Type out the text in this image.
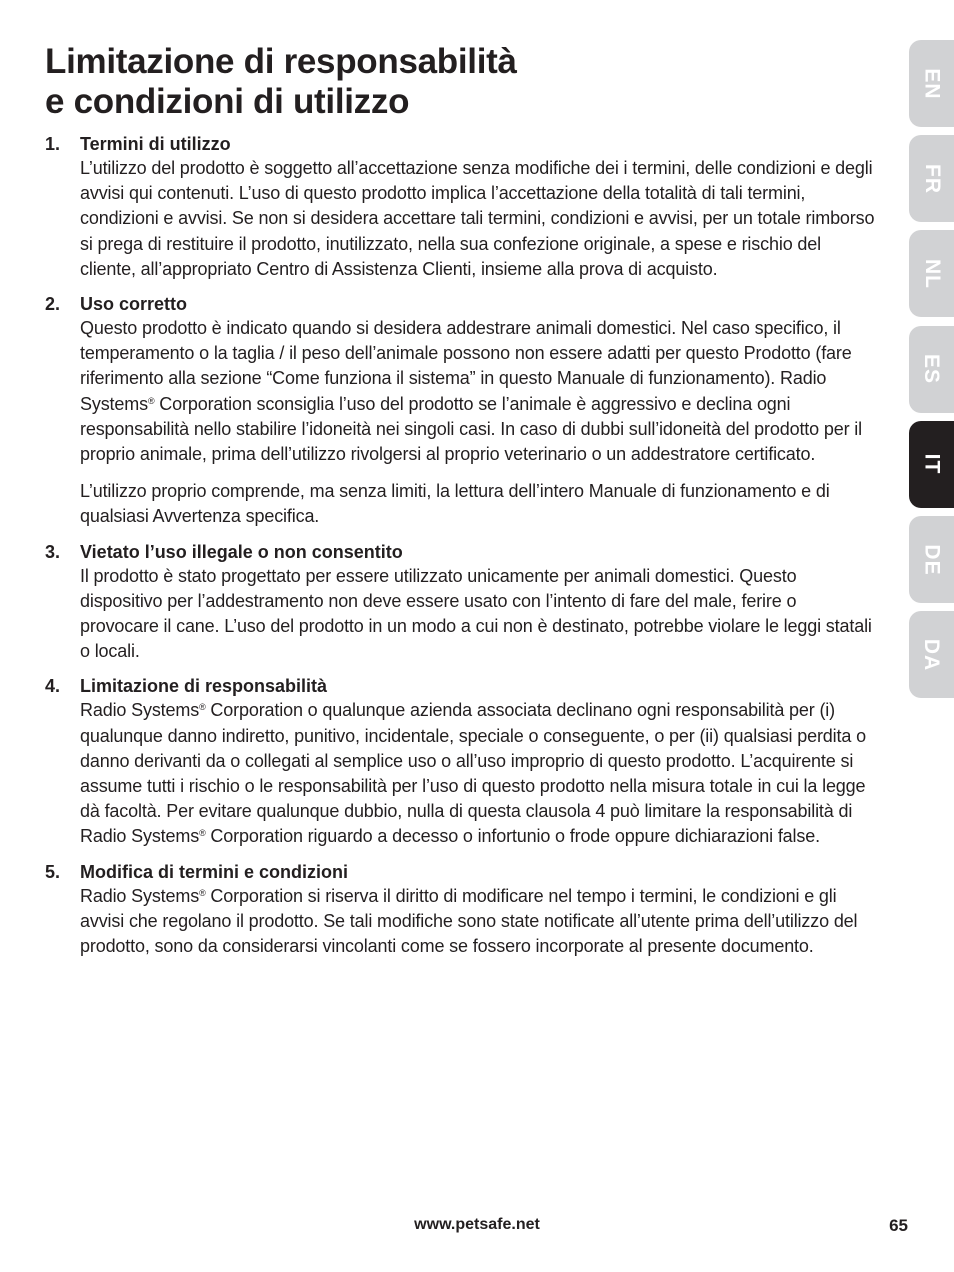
Limitazione di responsabilità
e condizioni di utilizzo
1.	Termini di utilizzo

L’utilizzo del prodotto è soggetto all’accettazione senza modifiche dei i termini, delle condizioni e degli avvisi qui contenuti. L’uso di questo prodotto implica l’accettazione della totalità di tali termini, condizioni e avvisi. Se non si desidera accettare tali termini, condizioni e avvisi, per un totale rimborso si prega di restituire il prodotto, inutilizzato, nella sua confezione originale, a spese e rischio del cliente, all’appropriato Centro di Assistenza Clienti, insieme alla prova di acquisto.

2.	Uso corretto

Questo prodotto è indicato quando si desidera addestrare animali domestici. Nel caso specifico, il temperamento o la taglia / il peso dell’animale possono non essere adatti per questo Prodotto (fare riferimento alla sezione “Come funziona il sistema” in questo Manuale di funzionamento). Radio Systems® Corporation sconsiglia l’uso del prodotto se l’animale è aggressivo e declina ogni responsabilità nello stabilire l’idoneità nei singoli casi. In caso di dubbi sull’idoneità del prodotto per il proprio animale, prima dell’utilizzo rivolgersi al proprio veterinario o un addestratore certificato.

L’utilizzo proprio comprende, ma senza limiti, la lettura dell’intero Manuale di funzionamento e di qualsiasi Avvertenza specifica.

3.	Vietato l’uso illegale o non consentito

Il prodotto è stato progettato per essere utilizzato unicamente per animali domestici. Questo dispositivo per l’addestramento non deve essere usato con l’intento di fare del male, ferire o provocare il cane. L’uso del prodotto in un modo a cui non è destinato, potrebbe violare le leggi statali o locali.

4.	Limitazione di responsabilità

Radio Systems® Corporation o qualunque azienda associata declinano ogni responsabilità per (i) qualunque danno indiretto, punitivo, incidentale, speciale o conseguente, o per (ii) qualsiasi perdita o danno derivanti da o collegati al semplice uso o all’uso improprio di questo prodotto. L’acquirente si assume tutti i rischio o le responsabilità per l’uso di questo prodotto nella misura totale in cui la legge dà facoltà. Per evitare qualunque dubbio, nulla di questa clausola 4 può limitare la responsabilità di Radio Systems® Corporation riguardo a decesso o infortunio o frode oppure dichiarazioni false.

5.	Modifica di termini e condizioni

Radio Systems® Corporation si riserva il diritto di modificare nel tempo i termini, le condizioni e gli avvisi che regolano il prodotto. Se tali modifiche sono state notificate all’utente prima dell’utilizzo del prodotto, sono da considerarsi vincolanti come se fossero incorporate al presente documento.

EN
FR
NL
ES
IT
DE
DA
www.petsafe.net	65
